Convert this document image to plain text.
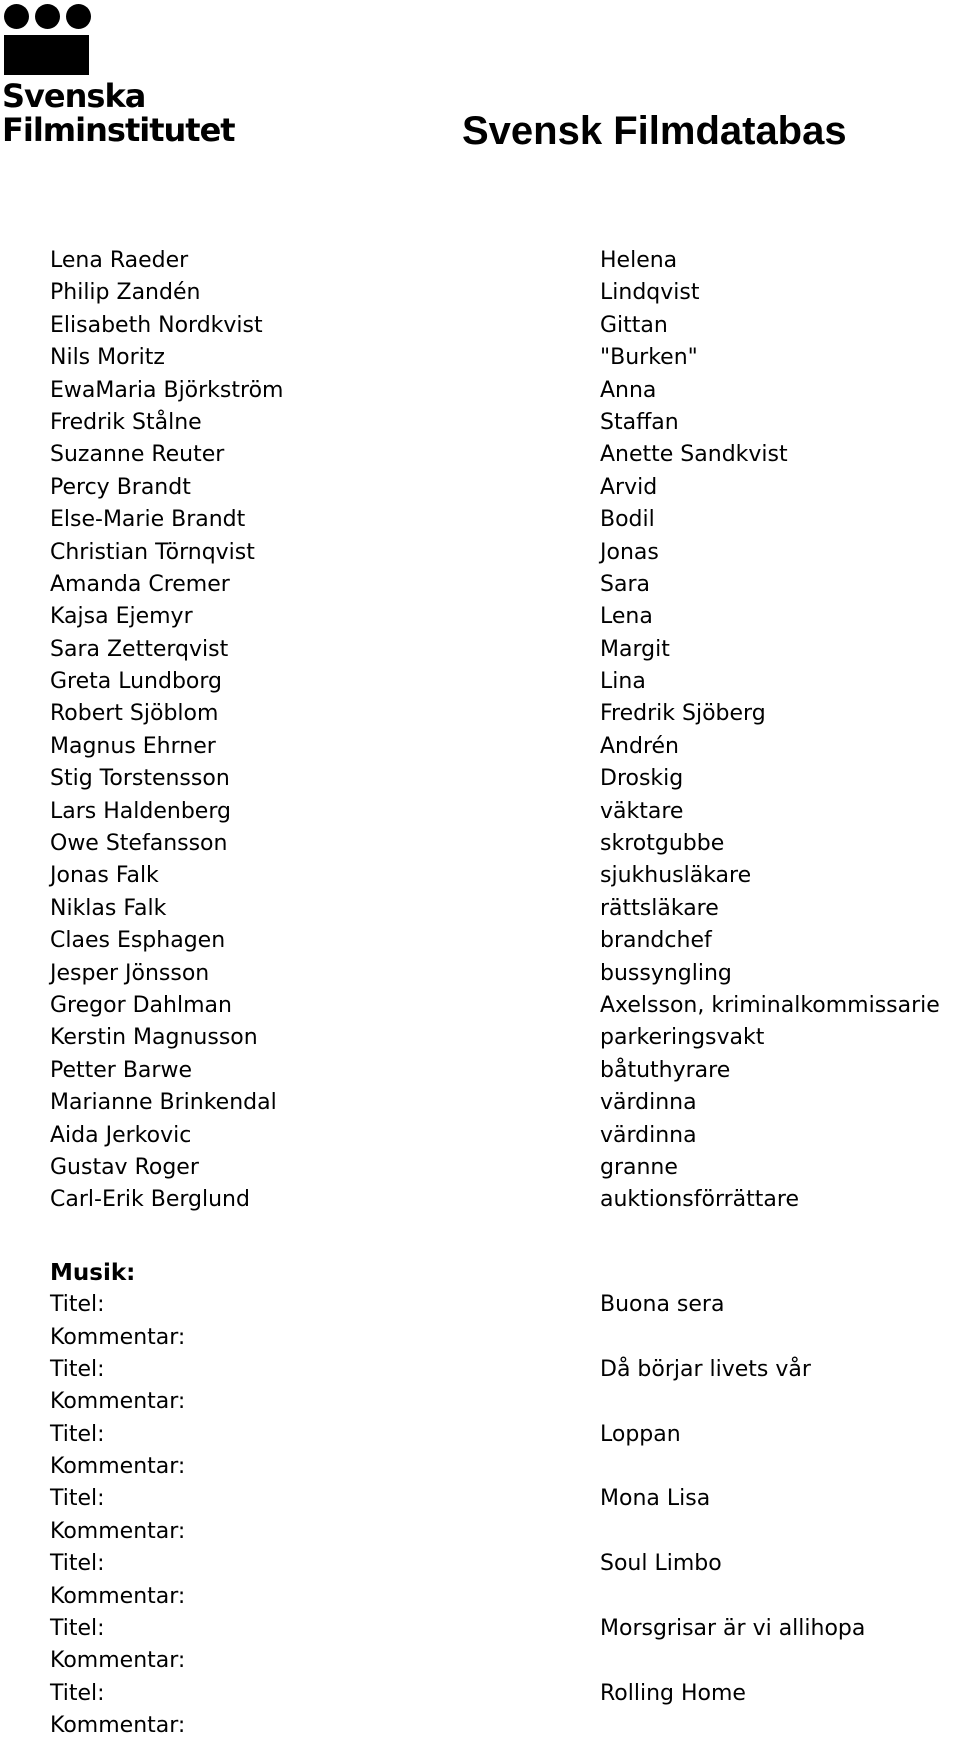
Svenska
Filminstitutet	Svensk Filmdatabas
Lena Raeder
Philip Zandén
Elisabeth Nordkvist
Nils Moritz
EwaMaria Björkström
Fredrik Stålne
Suzanne Reuter
Percy Brandt
Else-Marie Brandt
Christian Törnqvist
Amanda Cremer
Kajsa Ejemyr
Sara Zetterqvist
Greta Lundborg
Robert Sjöblom
Magnus Ehrner
Stig Torstensson
Lars Haldenberg
Owe Stefansson
Jonas Falk
Niklas Falk
Claes Esphagen
Jesper Jönsson
Gregor Dahlman
Kerstin Magnusson
Petter Barwe
Marianne Brinkendal
Aida Jerkovic
Gustav Roger
Carl-Erik Berglund
Musik:
Titel:
Kommentar:
Titel:
Kommentar:
Titel:
Kommentar:
Titel:
Kommentar:
Titel:
Kommentar:
Titel:
Kommentar:
Titel:
Kommentar:
Helena
Lindqvist
Gittan
"Burken"
Anna
Staffan
Anette Sandkvist
Arvid
Bodil
Jonas
Sara
Lena
Margit
Lina
Fredrik Sjöberg
Andrén
Droskig
väktare
skrotgubbe
sjukhusläkare
rättsläkare
brandchef
bussyngling
Axelsson, kriminalkommissarie
parkeringsvakt
båtuthyrare
värdinna
värdinna
granne
auktionsförrättare
Buona sera
Då börjar livets vår
Loppan
Mona Lisa
Soul Limbo
Morsgrisar är vi allihopa
Rolling Home
